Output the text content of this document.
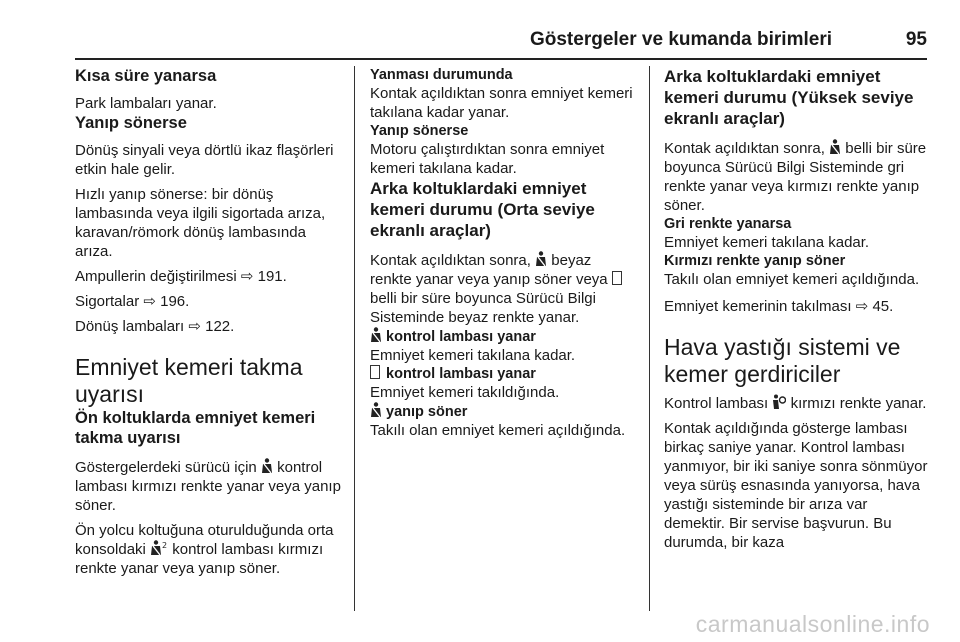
Göstergeler ve kumanda birimleri	95

Kısa süre yanarsa

Park lambaları yanar.

Yanıp sönerse

Dönüş sinyali veya dörtlü ikaz flaşörleri etkin hale gelir.

Hızlı yanıp sönerse: bir dönüş lambasında veya ilgili sigortada arıza, karavan/römork dönüş lambasında arıza.

Ampullerin değiştirilmesi ⇨ 191.

Sigortalar ⇨ 196.

Dönüş lambaları ⇨ 122.

Emniyet kemeri takma uyarısı

Ön koltuklarda emniyet kemeri takma uyarısı

Göstergelerdeki sürücü için kontrol lambası kırmızı renkte yanar veya yanıp söner.

Ön yolcu koltuğuna oturulduğunda orta konsoldaki 2 kontrol lambası kırmızı renkte yanar veya yanıp söner.

Yanması durumunda

Kontak açıldıktan sonra emniyet kemeri takılana kadar yanar.

Yanıp sönerse

Motoru çalıştırdıktan sonra emniyet kemeri takılana kadar.

Arka koltuklardaki emniyet kemeri durumu (Orta seviye ekranlı araçlar)

Kontak açıldıktan sonra, beyaz renkte yanar veya yanıp söner veya  belli bir süre boyunca Sürücü Bilgi Sisteminde beyaz renkte yanar.

kontrol lambası yanar

Emniyet kemeri takılana kadar.

kontrol lambası yanar

Emniyet kemeri takıldığında.

yanıp söner

Takılı olan emniyet kemeri açıldığında.

Arka koltuklardaki emniyet kemeri durumu (Yüksek seviye ekranlı araçlar)

Kontak açıldıktan sonra, belli bir süre boyunca Sürücü Bilgi Sisteminde gri renkte yanar veya kırmızı renkte yanıp söner.

Gri renkte yanarsa

Emniyet kemeri takılana kadar.

Kırmızı renkte yanıp söner

Takılı olan emniyet kemeri açıldığında.

Emniyet kemerinin takılması ⇨ 45.

Hava yastığı sistemi ve kemer gerdiriciler

Kontrol lambası kırmızı renkte yanar.

Kontak açıldığında gösterge lambası birkaç saniye yanar. Kontrol lambası yanmıyor, bir iki saniye sonra sönmüyor veya sürüş esnasında yanıyorsa, hava yastığı sisteminde bir arıza var demektir. Bir servise başvurun. Bu durumda, bir kaza

carmanualsonline.info
